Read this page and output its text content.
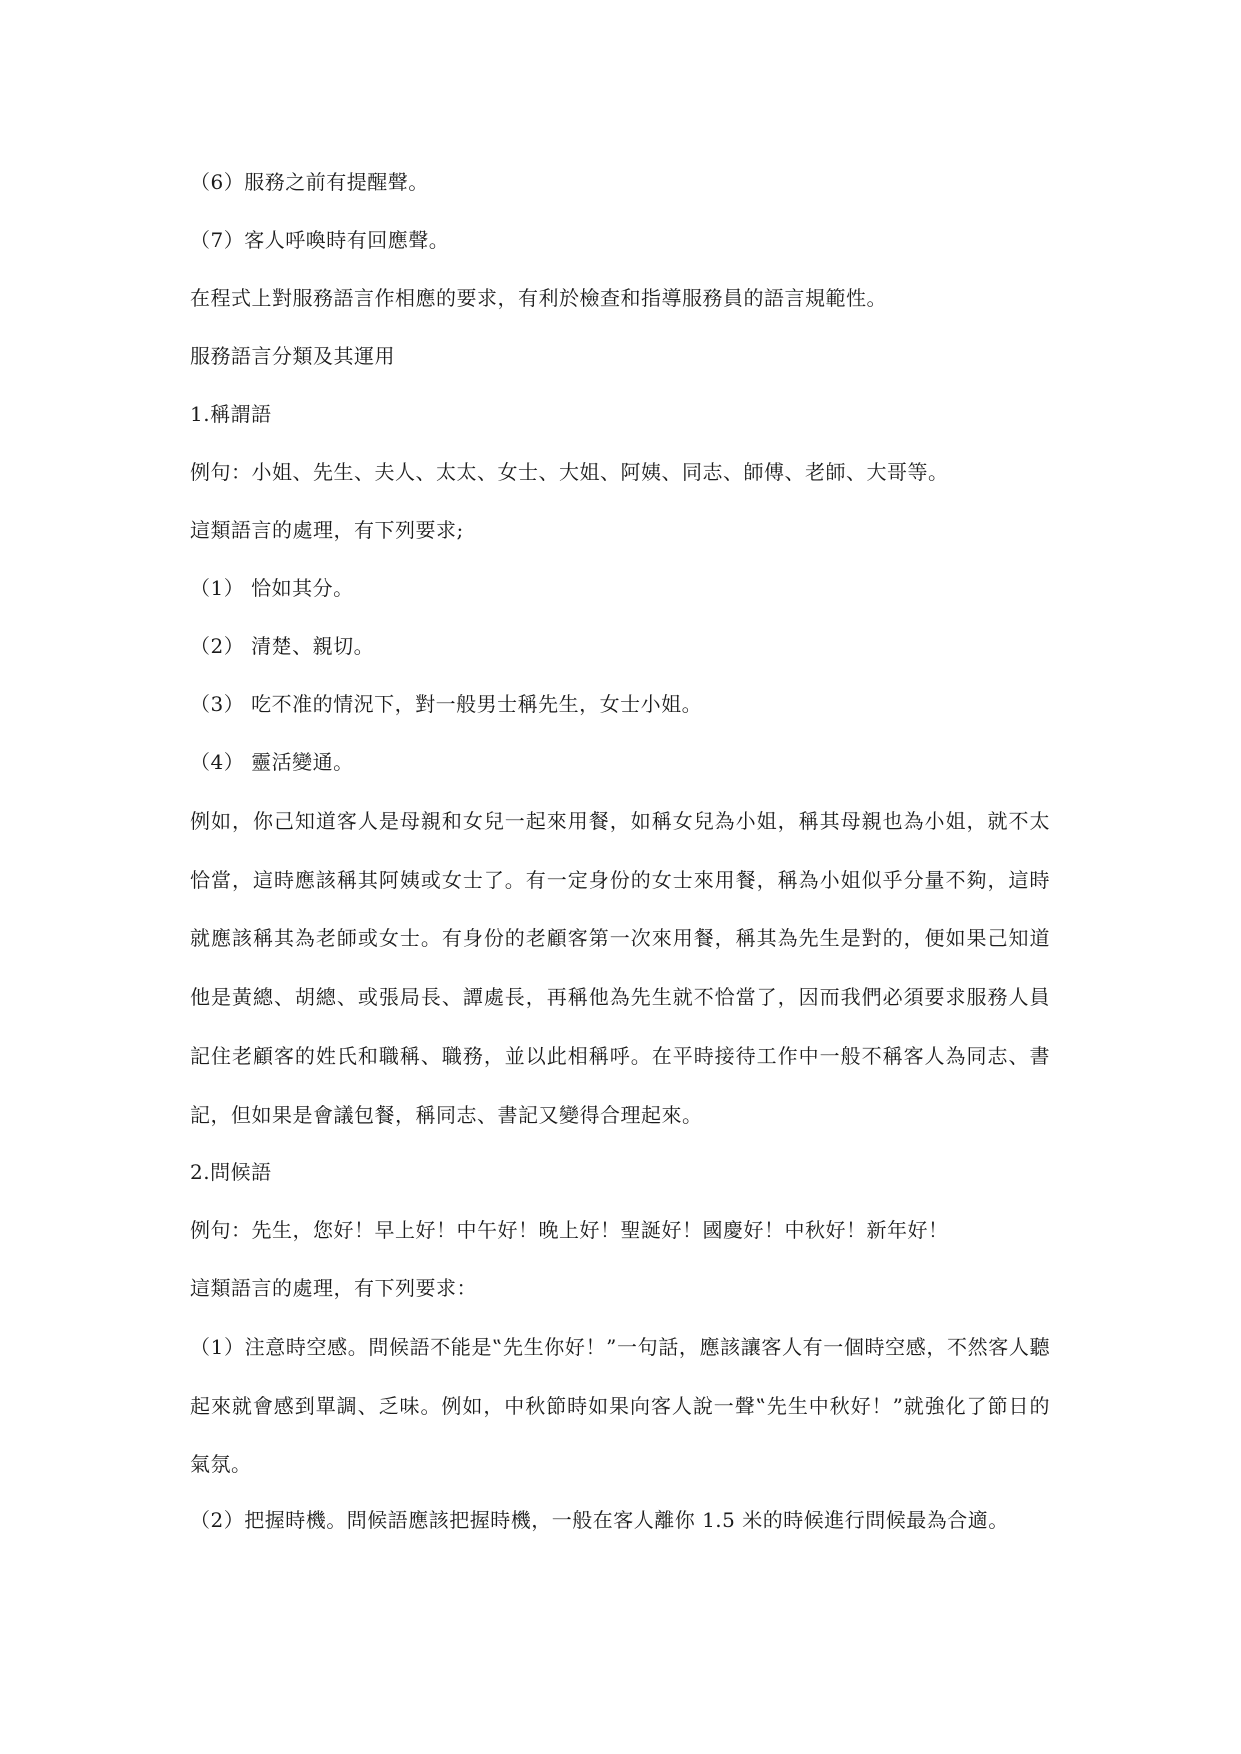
（6）服務之前有提醒聲。
（7）客人呼喚時有回應聲。
在程式上對服務語言作相應的要求，有利於檢查和指導服務員的語言規範性。
服務語言分類及其運用
1.稱謂語
例句：小姐、先生、夫人、太太、女士、大姐、阿姨、同志、師傅、老師、大哥等。
這類語言的處理，有下列要求;
（1） 恰如其分。
（2） 清楚、親切。
（3） 吃不准的情況下，對一般男士稱先生，女士小姐。
（4） 靈活變通。
例如，你己知道客人是母親和女兒一起來用餐，如稱女兒為小姐，稱其母親也為小姐，就不太恰當，這時應該稱其阿姨或女士了。有一定身份的女士來用餐，稱為小姐似乎分量不夠，這時就應該稱其為老師或女士。有身份的老顧客第一次來用餐，稱其為先生是對的，便如果己知道他是黃總、胡總、或張局長、譚處長，再稱他為先生就不恰當了，因而我們必須要求服務人員記住老顧客的姓氏和職稱、職務，並以此相稱呼。在平時接待工作中一般不稱客人為同志、書記，但如果是會議包餐，稱同志、書記又變得合理起來。
2.問候語
例句：先生，您好！早上好！中午好！晚上好！聖誕好！國慶好！中秋好！新年好！
這類語言的處理，有下列要求：
（1）注意時空感。問候語不能是‟先生你好！”一句話，應該讓客人有一個時空感，不然客人聽起來就會感到單調、乏味。例如，中秋節時如果向客人說一聲‟先生中秋好！”就強化了節日的氣氛。
（2）把握時機。問候語應該把握時機，一般在客人離你 1.5 米的時候進行問候最為合適。
